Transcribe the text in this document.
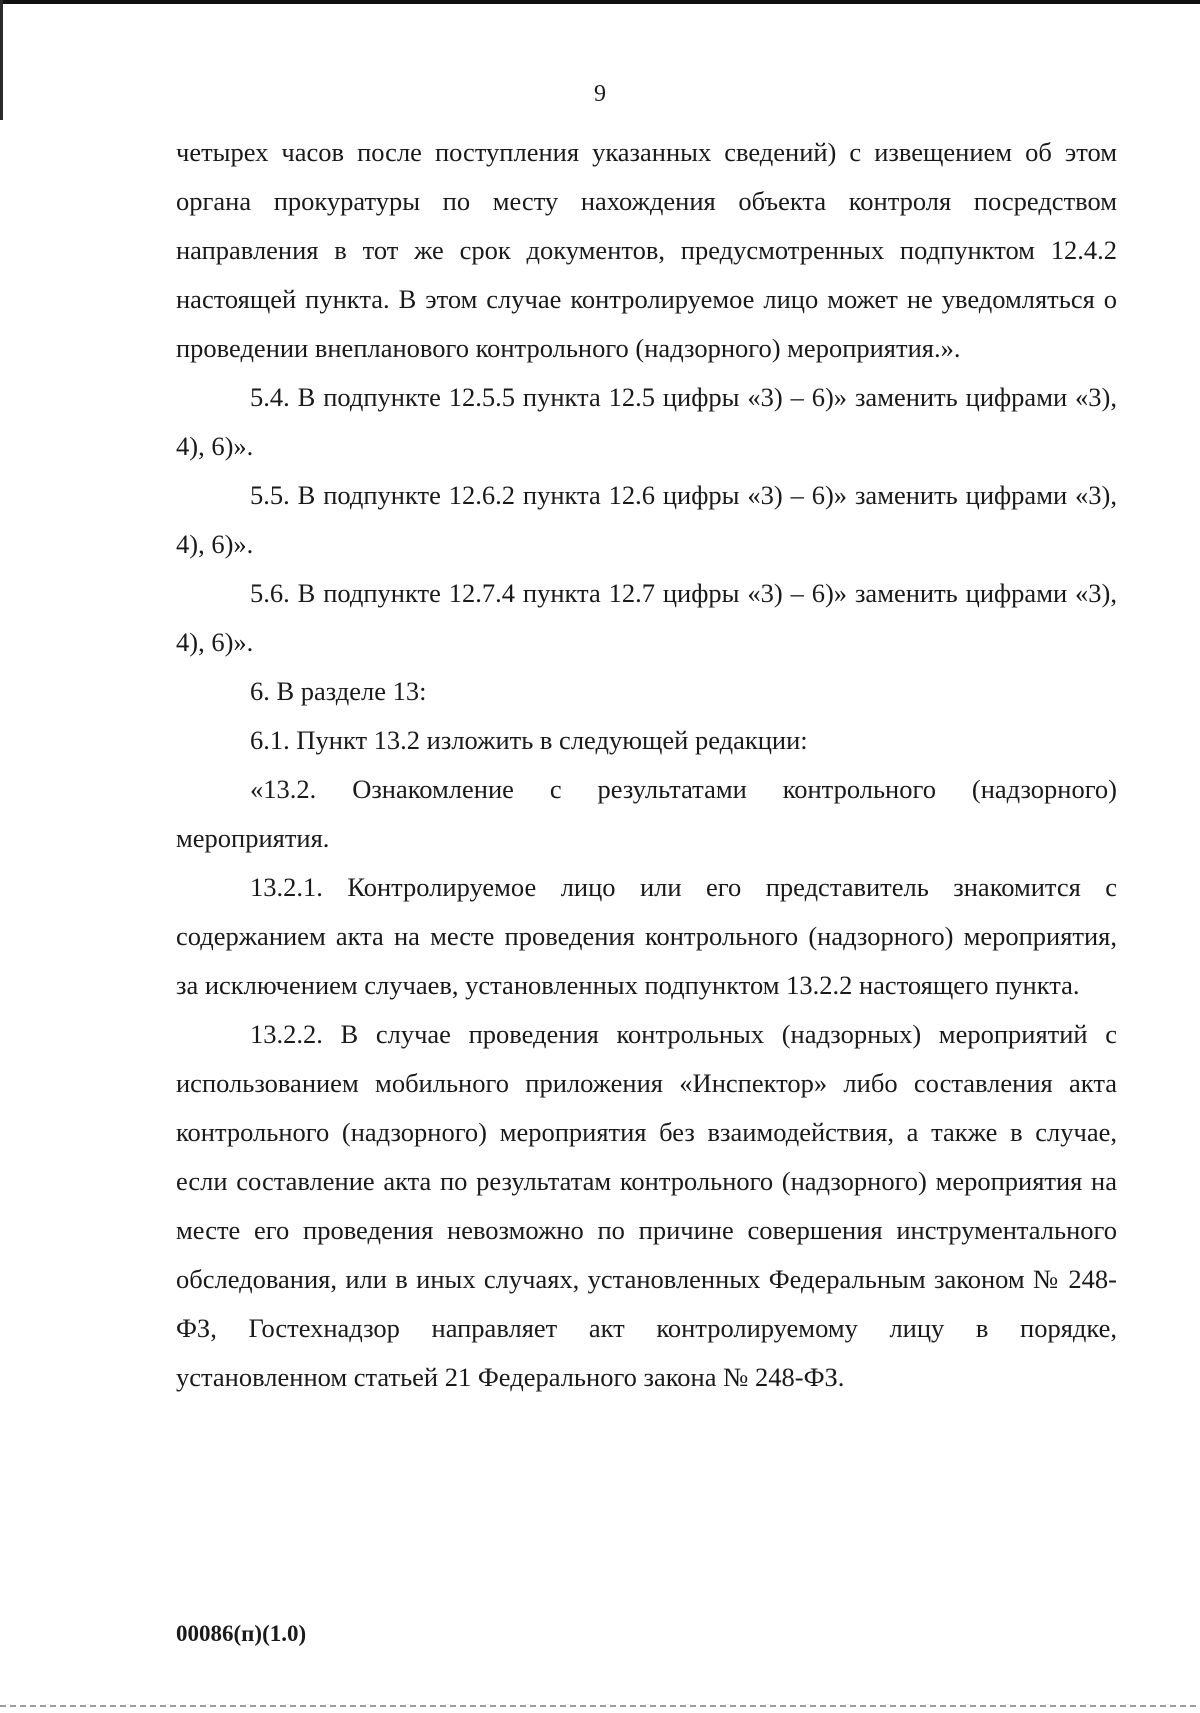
9

четырех часов после поступления указанных сведений) с извещением об этом органа прокуратуры по месту нахождения объекта контроля посредством направления в тот же срок документов, предусмотренных подпунктом 12.4.2 настоящей пункта. В этом случае контролируемое лицо может не уведомляться о проведении внепланового контрольного (надзорного) мероприятия.».

5.4. В подпункте 12.5.5 пункта 12.5 цифры «3) – 6)» заменить цифрами «3), 4), 6)».

5.5. В подпункте 12.6.2 пункта 12.6 цифры «3) – 6)» заменить цифрами «3), 4), 6)».

5.6. В подпункте 12.7.4 пункта 12.7 цифры «3) – 6)» заменить цифрами «3), 4), 6)».

6. В разделе 13:

6.1. Пункт 13.2 изложить в следующей редакции:

«13.2. Ознакомление с результатами контрольного (надзорного) мероприятия.

13.2.1. Контролируемое лицо или его представитель знакомится с содержанием акта на месте проведения контрольного (надзорного) мероприятия, за исключением случаев, установленных подпунктом 13.2.2 настоящего пункта.

13.2.2. В случае проведения контрольных (надзорных) мероприятий с использованием мобильного приложения «Инспектор» либо составления акта контрольного (надзорного) мероприятия без взаимодействия, а также в случае, если составление акта по результатам контрольного (надзорного) мероприятия на месте его проведения невозможно по причине совершения инструментального обследования, или в иных случаях, установленных Федеральным законом № 248-ФЗ, Гостехнадзор направляет акт контролируемому лицу в порядке, установленном статьей 21 Федерального закона № 248-ФЗ.

00086(п)(1.0)
